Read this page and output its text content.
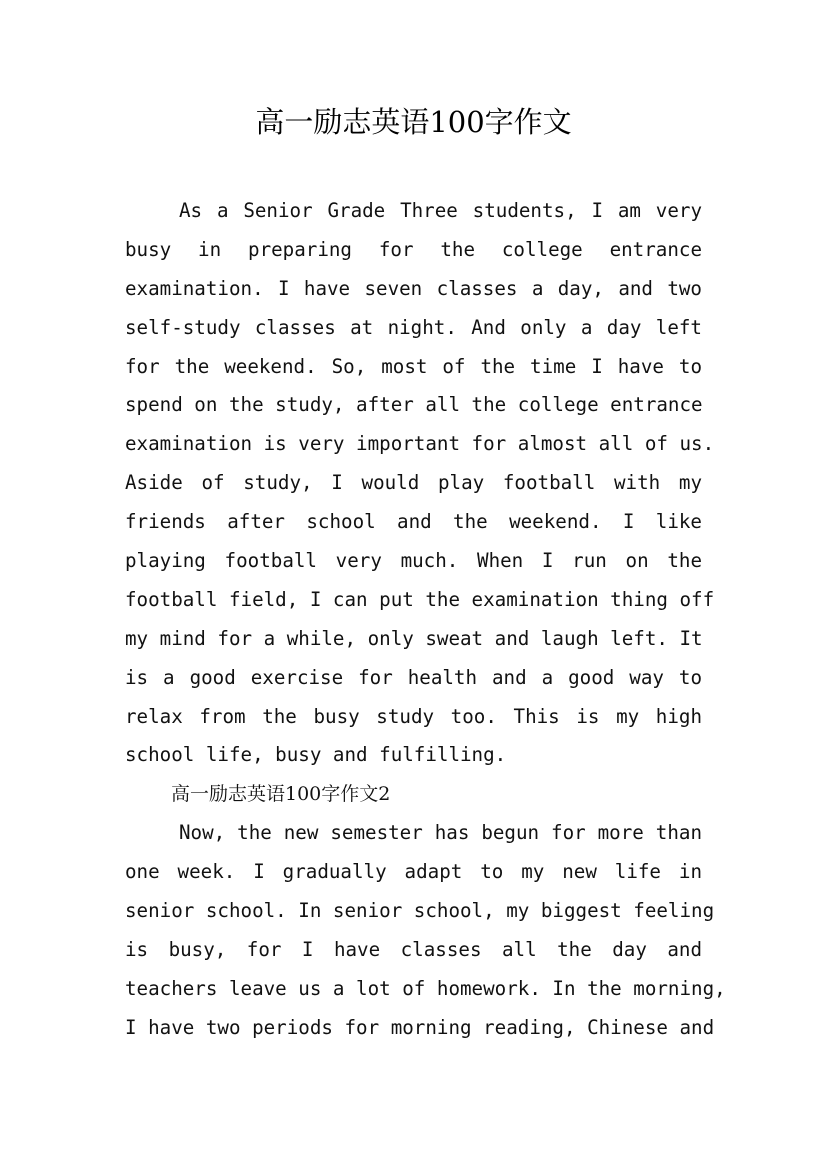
高一励志英语100字作文
As a Senior Grade Three students, I am very
busy in preparing for the college entrance
examination. I have seven classes a day, and two
self-study classes at night. And only a day left
for the weekend. So, most of the time I have to
spend on the study, after all the college entrance
examination is very important for almost all of us.
Aside of study, I would play football with my
friends after school and the weekend. I like
playing football very much. When I run on the
football field, I can put the examination thing off
my mind for a while, only sweat and laugh left. It
is a good exercise for health and a good way to
relax from the busy study too. This is my high
school life, busy and fulfilling.
高一励志英语100字作文2
Now, the new semester has begun for more than
one week. I gradually adapt to my new life in
senior school. In senior school, my biggest feeling
is busy, for I have classes all the day and
teachers leave us a lot of homework. In the morning,
I have two periods for morning reading, Chinese and
